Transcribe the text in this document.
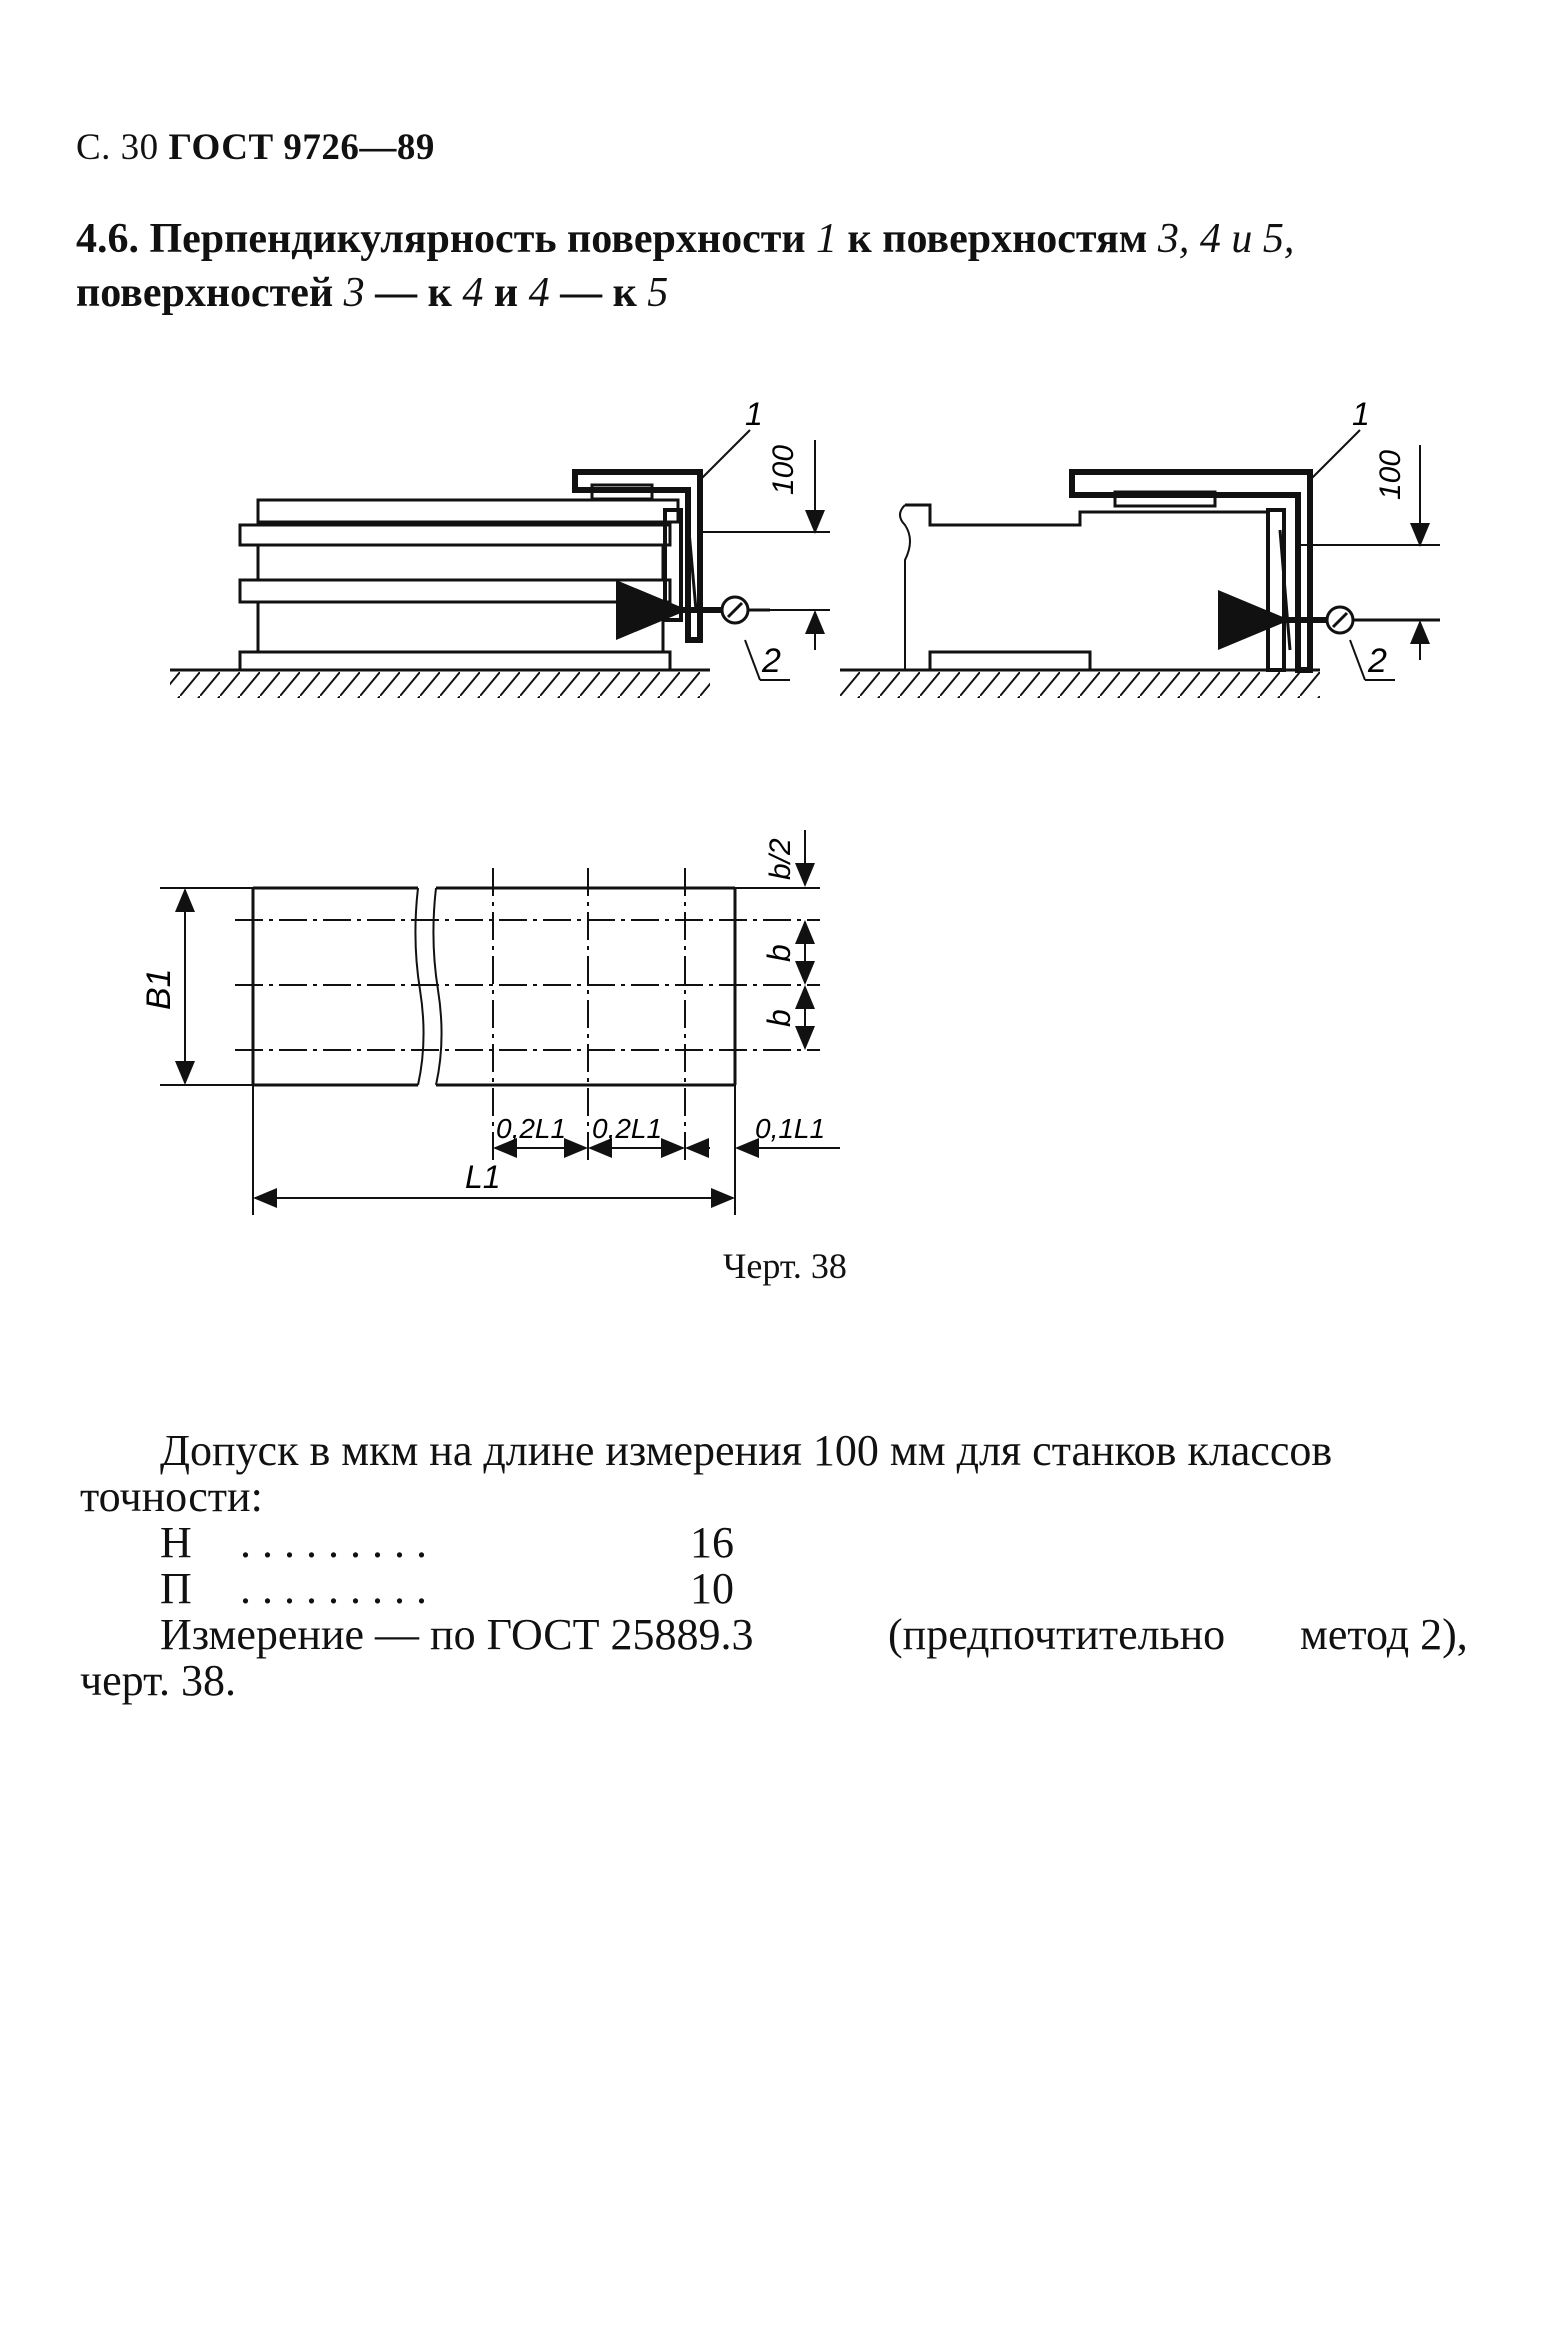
С. 30 ГОСТ 9726—89
4.6. Перпендикулярность поверхности 1 к поверхностям 3, 4 и 5,
поверхностей 3 — к 4 и 4 — к 5
1
2
100
1
2
100
b/2
b
b
B1
0,2L1 0,2L1	0,1L1
L1
Черт. 38
Допуск в мкм на длине измерения 100 мм для станков классов
точности:
Н . . . . . . . . .	16
П . . . . . . . . .	10
Измерение — по ГОСТ 25889.3	(предпочтительно метод 2),
черт. 38.
